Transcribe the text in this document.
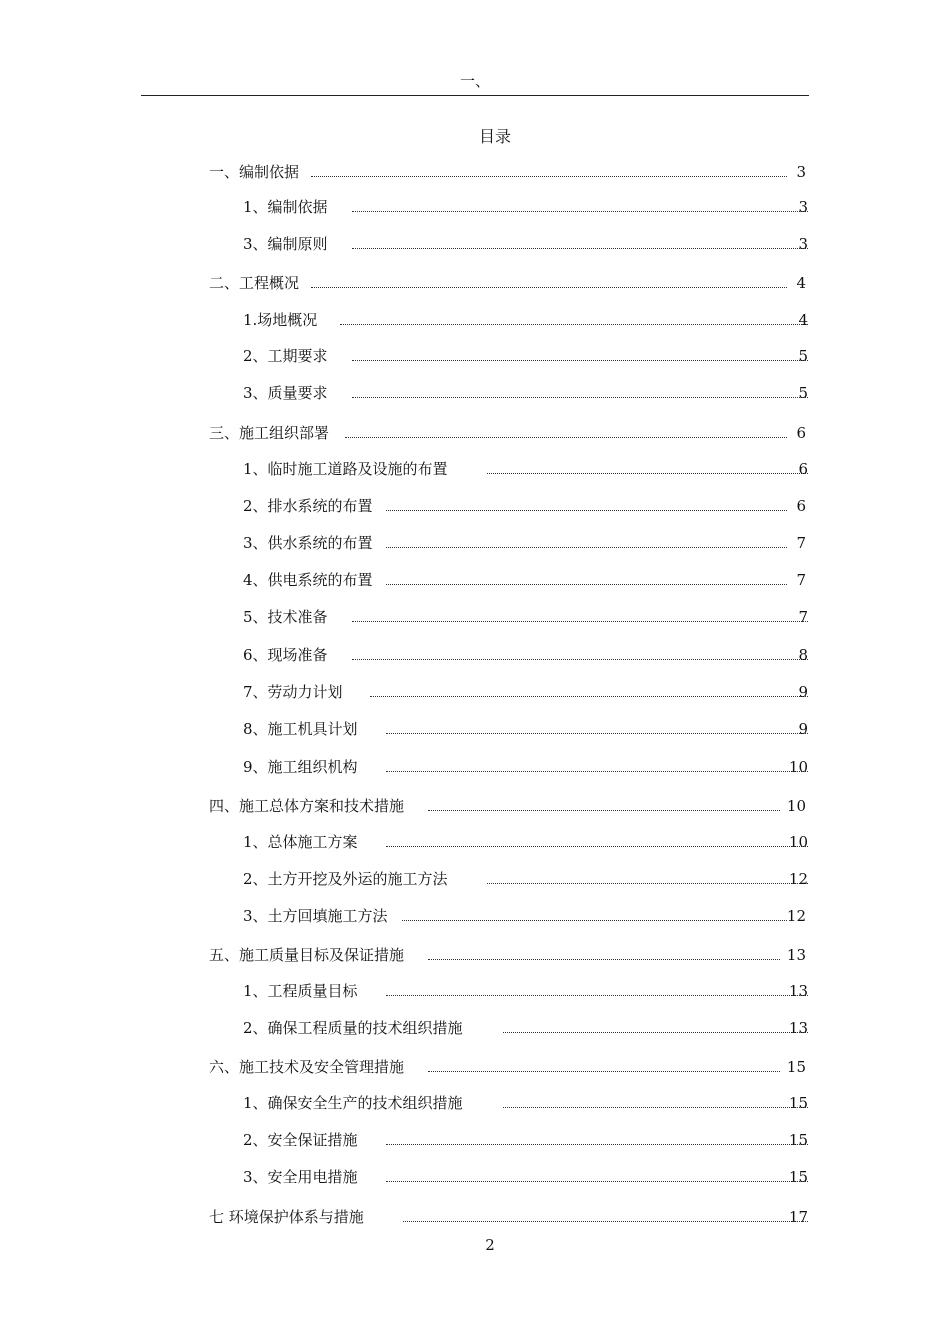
一、
目录
一、编制依据	3
1、编制依据	3
3、编制原则	3
二、工程概况	4
1.场地概况	4
2、工期要求	5
3、质量要求	5
三、施工组织部署	6
1、临时施工道路及设施的布置	6
2、排水系统的布置	6
3、供水系统的布置	7
4、供电系统的布置	7
5、技术准备	7
6、现场准备	8
7、劳动力计划	9
8、施工机具计划	9
9、施工组织机构	10
四、施工总体方案和技术措施	10
1、总体施工方案	10
2、土方开挖及外运的施工方法	12
3、土方回填施工方法	12
五、施工质量目标及保证措施	13
1、工程质量目标	13
2、确保工程质量的技术组织措施	13
六、施工技术及安全管理措施	15
1、确保安全生产的技术组织措施	15
2、安全保证措施	15
3、安全用电措施	15
七 环境保护体系与措施	17
2
